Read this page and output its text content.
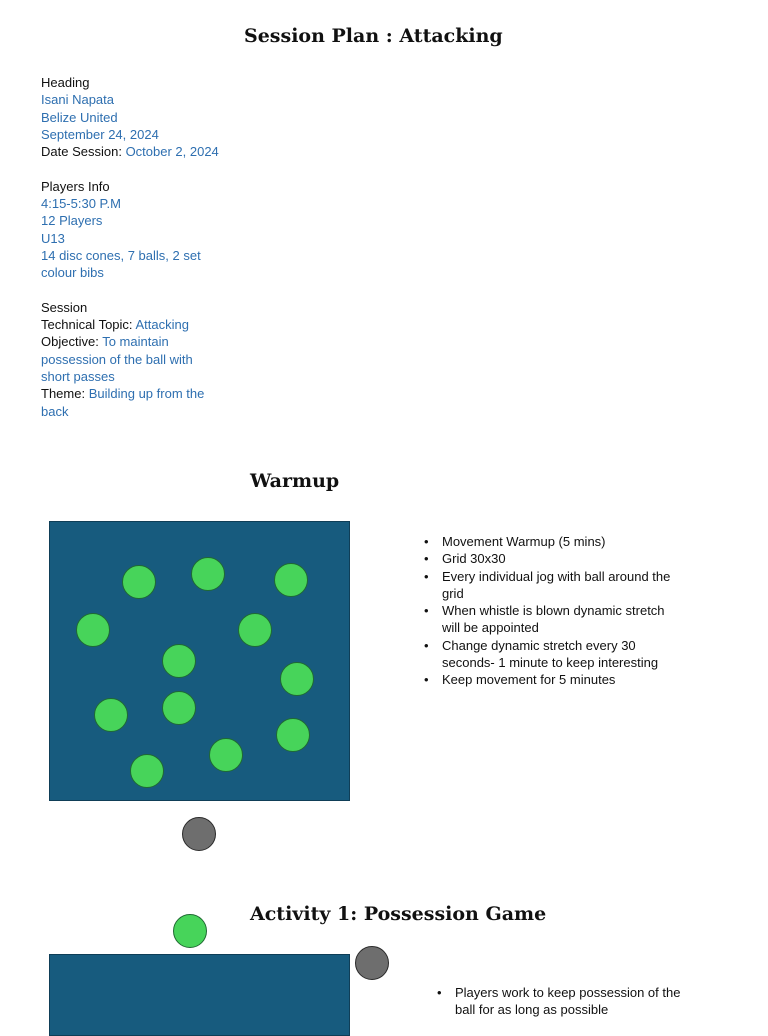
Session Plan : Attacking
Heading
Isani Napata
Belize United
September 24, 2024
Date Session: October 2, 2024
Players Info
4:15-5:30 P.M
12 Players
U13
14 disc cones, 7 balls, 2 set colour bibs
Session
Technical Topic: Attacking
Objective: To maintain possession of the ball with short passes
Theme: Building up from the back
Warmup
• Movement Warmup (5 mins)
• Grid 30x30
• Every individual jog with ball around the grid
• When whistle is blown dynamic stretch will be appointed
• Change dynamic stretch every 30 seconds- 1 minute to keep interesting
• Keep movement for 5 minutes
Activity 1: Possession Game
• Players work to keep possession of the ball for as long as possible
